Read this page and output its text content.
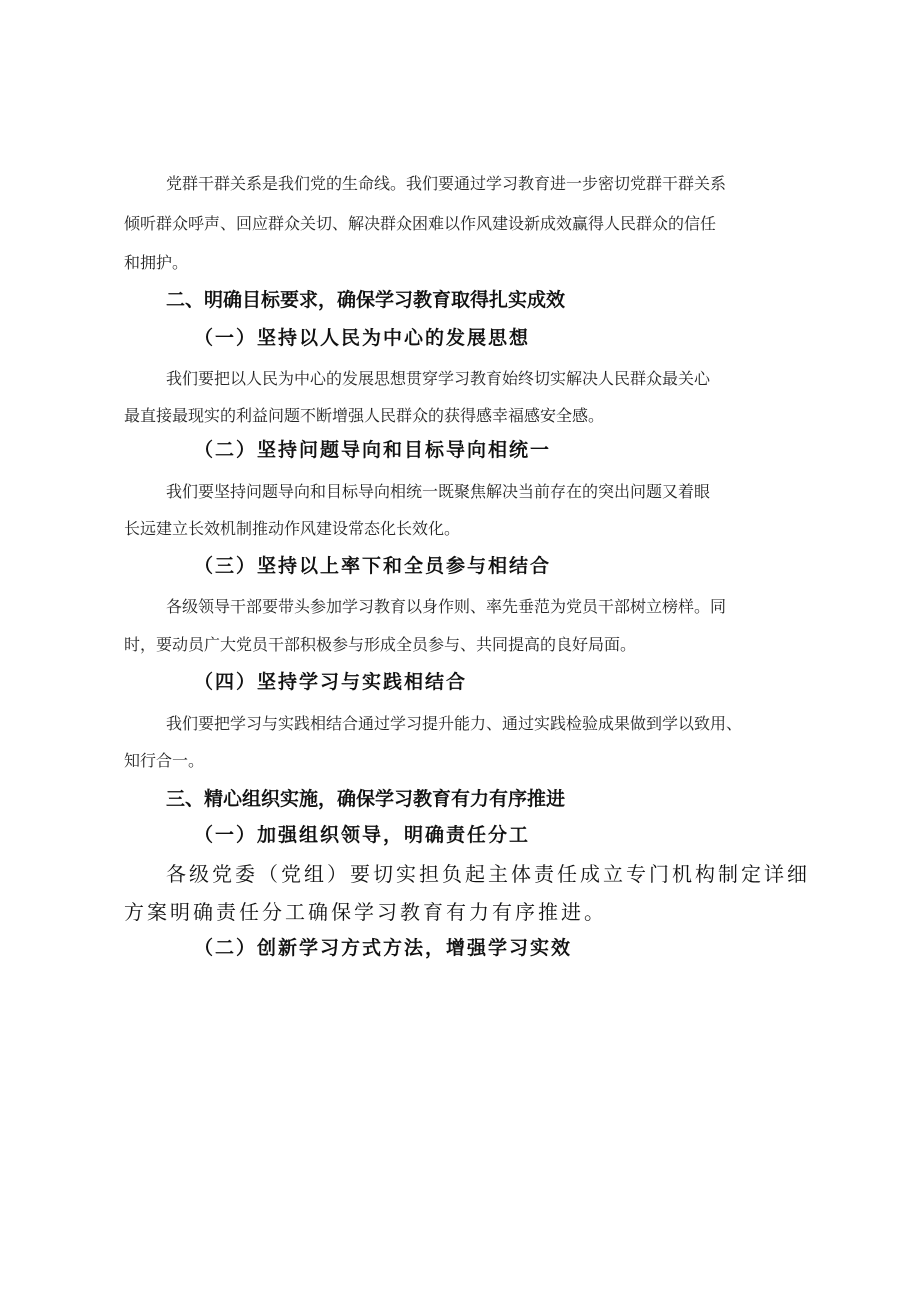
党群干群关系是我们党的生命线。我们要通过学习教育进一步密切党群干群关系
倾听群众呼声、回应群众关切、解决群众困难以作风建设新成效赢得人民群众的信任
和拥护。
二、明确目标要求，确保学习教育取得扎实成效
（一）坚持以人民为中心的发展思想
我们要把以人民为中心的发展思想贯穿学习教育始终切实解决人民群众最关心
最直接最现实的利益问题不断增强人民群众的获得感幸福感安全感。
（二）坚持问题导向和目标导向相统一
我们要坚持问题导向和目标导向相统一既聚焦解决当前存在的突出问题又着眼
长远建立长效机制推动作风建设常态化长效化。
（三）坚持以上率下和全员参与相结合
各级领导干部要带头参加学习教育以身作则、率先垂范为党员干部树立榜样。同
时，要动员广大党员干部积极参与形成全员参与、共同提高的良好局面。
（四）坚持学习与实践相结合
我们要把学习与实践相结合通过学习提升能力、通过实践检验成果做到学以致用、
知行合一。
三、精心组织实施，确保学习教育有力有序推进
（一）加强组织领导，明确责任分工
各级党委（党组）要切实担负起主体责任成立专门机构制定详细
方案明确责任分工确保学习教育有力有序推进。
（二）创新学习方式方法，增强学习实效
